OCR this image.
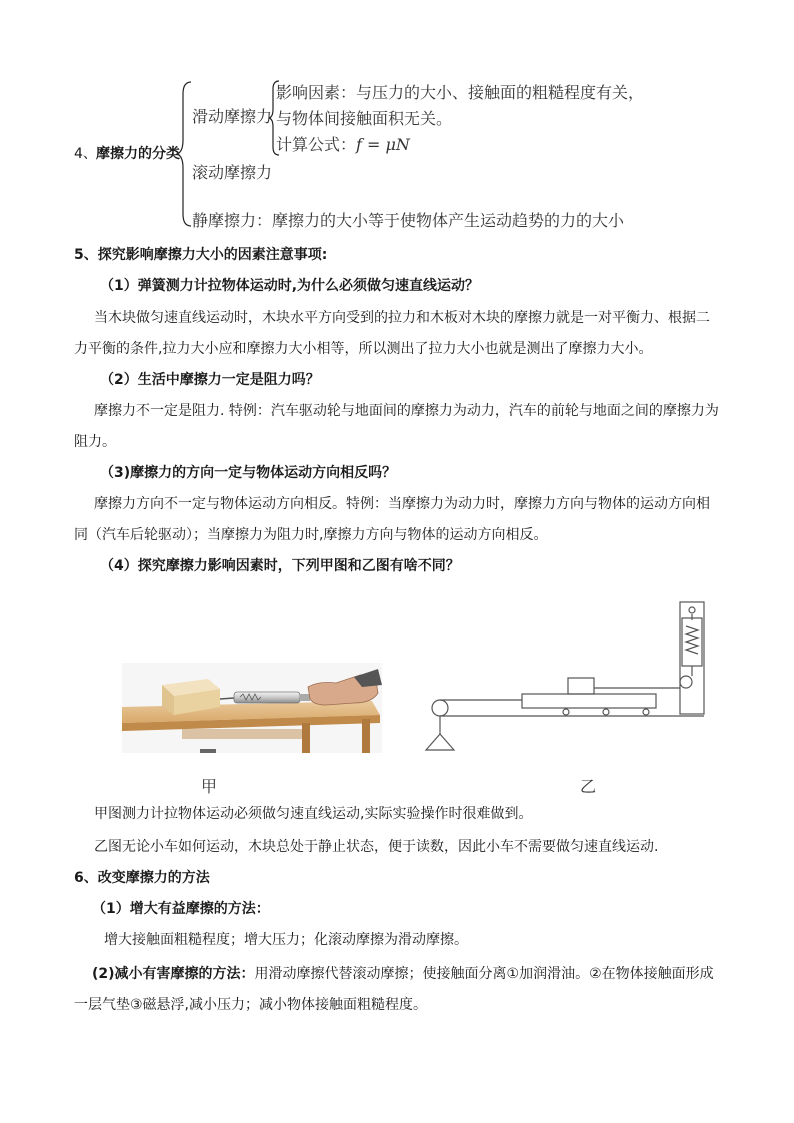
4、 摩擦力的分类
滑动摩擦力
影响因素：与压力的大小、接触面的粗糙程度有关，
与物体间接触面积无关。
计算公式：f = μN
滚动摩擦力
静摩擦力：摩擦力的大小等于使物体产生运动趋势的力的大小
5、探究影响摩擦力大小的因素注意事项:
（1）弹簧测力计拉物体运动时,为什么必须做匀速直线运动？
当木块做匀速直线运动时，木块水平方向受到的拉力和木板对木块的摩擦力就是一对平衡力、根据二
力平衡的条件,拉力大小应和摩擦力大小相等，所以测出了拉力大小也就是测出了摩擦力大小。
（2）生活中摩擦力一定是阻力吗？
摩擦力不一定是阻力. 特例：汽车驱动轮与地面间的摩擦力为动力，汽车的前轮与地面之间的摩擦力为
阻力。
（3)摩擦力的方向一定与物体运动方向相反吗？
摩擦力方向不一定与物体运动方向相反。特例：当摩擦力为动力时，摩擦力方向与物体的运动方向相
同（汽车后轮驱动）；当摩擦力为阻力时,摩擦力方向与物体的运动方向相反。
（4）探究摩擦力影响因素时，下列甲图和乙图有啥不同？
甲	乙
甲图测力计拉物体运动必须做匀速直线运动,实际实验操作时很难做到。
乙图无论小车如何运动，木块总处于静止状态，便于读数，因此小车不需要做匀速直线运动.
6、改变摩擦力的方法
（1）增大有益摩擦的方法：
增大接触面粗糙程度；增大压力；化滚动摩擦为滑动摩擦。
(2)减小有害摩擦的方法：用滑动摩擦代替滚动摩擦；使接触面分离①加润滑油。②在物体接触面形成
一层气垫③磁悬浮,减小压力；减小物体接触面粗糙程度。
